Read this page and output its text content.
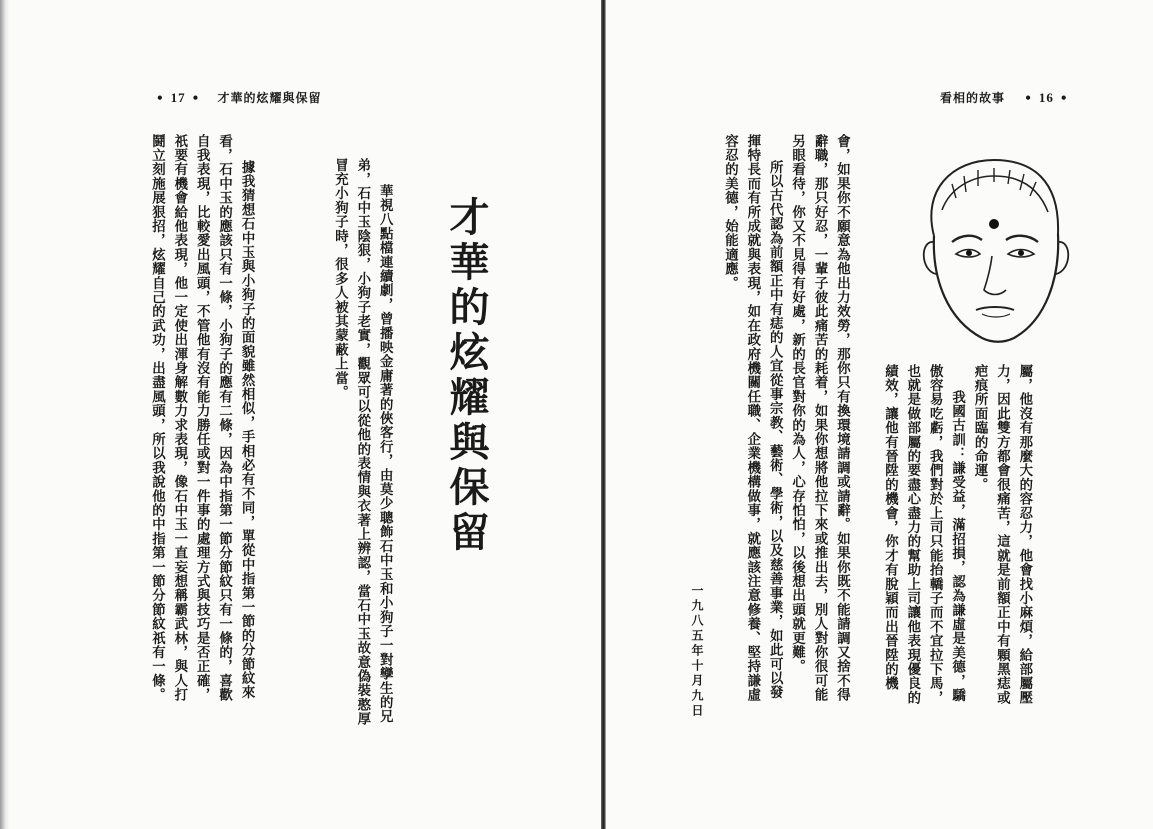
• 17 • 才華的炫耀與保留
才華的炫耀與保留
華視八點檔連續劇，曾播映金庸著的俠客行，由莫少聰飾石中玉和小狗子一對孿生的兄
弟，石中玉陰狠，小狗子老實，觀眾可以從他的表情與衣著上辨認，當石中玉故意偽裝憨厚
冒充小狗子時，很多人被其蒙蔽上當。
據我猜想石中玉與小狗子的面貌雖然相似，手相必有不同，單從中指第一節的分節紋來
看，石中玉的應該只有一條，小狗子的應有二條，因為中指第一節分節紋只有一條的，喜歡
自我表現，比較愛出風頭，不管他有沒有能力勝任或對一件事的處理方式與技巧是否正確，
祇要有機會給他表現，他一定使出渾身解數力求表現，像石中玉一直妄想稱霸武林，與人打
鬪立刻施展狠招，炫耀自己的武功，出盡風頭，所以我說他的中指第一節分節紋祇有一條。
看相的故事 • 16 •
屬，他沒有那麼大的容忍力，他會找小麻煩，給部屬壓
力，因此雙方都會很痛苦，這就是前額正中有顆黑痣或
疤痕所面臨的命運。
我國古訓：謙受益，滿招損，認為謙虛是美德，驕
傲容易吃虧，我們對於上司只能抬轎子而不宜拉下馬，
也就是做部屬的要盡心盡力的幫助上司讓他表現優良的
績效，讓他有晉陞的機會，你才有脫穎而出晉陞的機
會，如果你不願意為他出力效勞，那你只有換環境請調或請辭。如果你既不能請調又捨不得
辭職，那只好忍，一輩子彼此痛苦的耗着，如果你想將他拉下來或推出去，別人對你很可能
另眼看待，你又不見得有好處，新的長官對你的為人，心存怕怕，以後想出頭就更難。
所以古代認為前額正中有痣的人宜從事宗教、藝術、學術，以及慈善事業，如此可以發
揮特長而有所成就與表現，如在政府機關任職、企業機構做事，就應該注意修養、堅持謙虛
容忍的美德，始能適應。
一九八五年十月九日
